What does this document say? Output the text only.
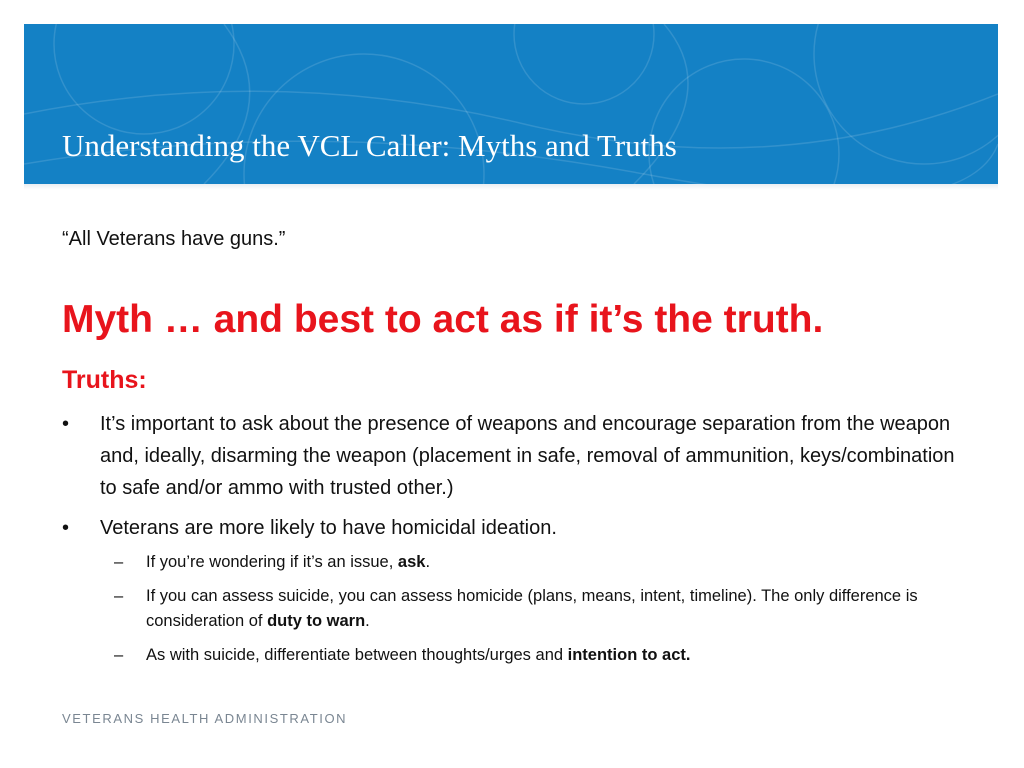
Understanding the VCL Caller: Myths and Truths

“All Veterans have guns.”

Myth … and best to act as if it’s the truth.
Truths:
•	It’s important to ask about the presence of weapons and encourage separation from the weapon and, ideally, disarming the weapon (placement in safe, removal of ammunition, keys/combination to safe and/or ammo with trusted other.)
•	Veterans are more likely to have homicidal ideation.
– If you’re wondering if it’s an issue, ask.
– If you can assess suicide, you can assess homicide (plans, means, intent, timeline). The only difference is consideration of duty to warn.
– As with suicide, differentiate between thoughts/urges and intention to act.

VETERANS HEALTH ADMINISTRATION
